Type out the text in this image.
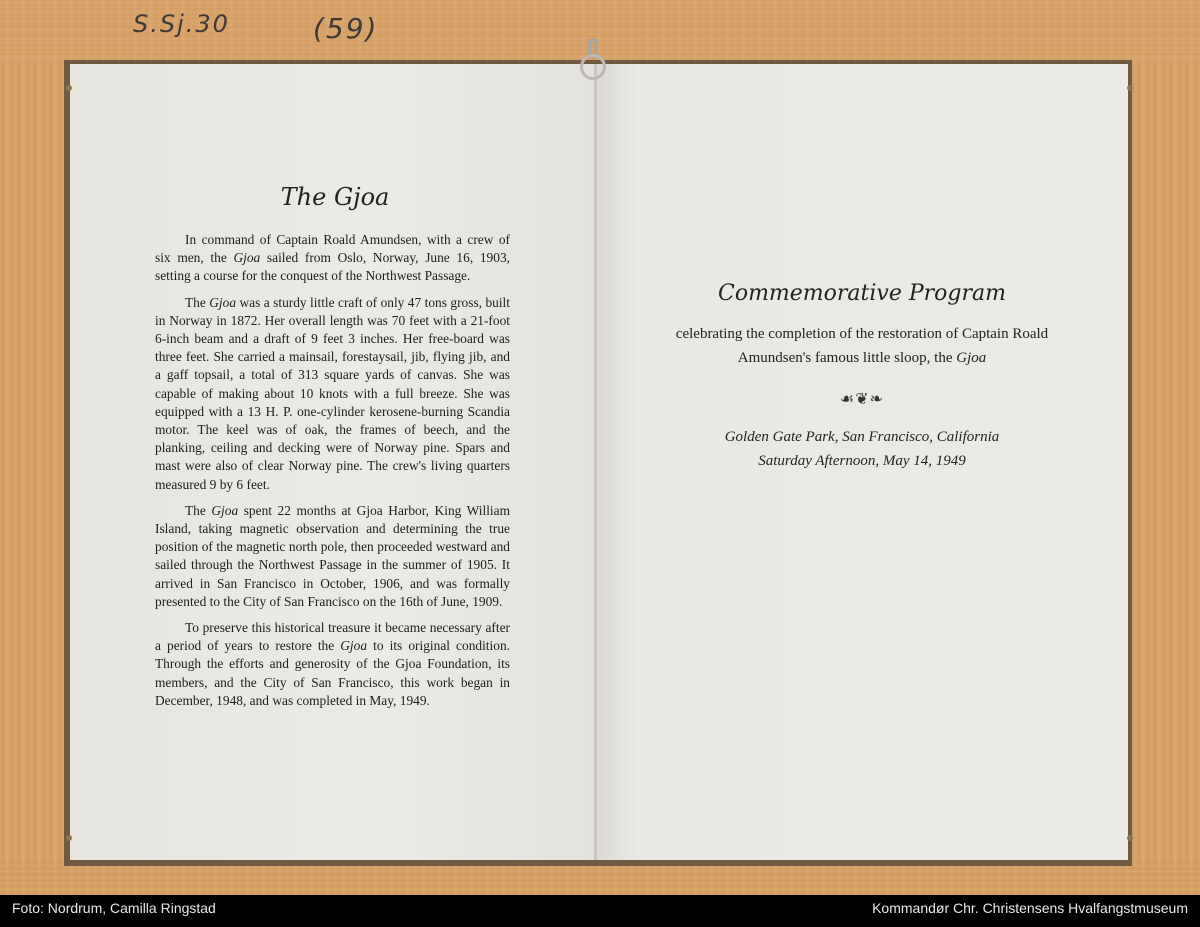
S.Sj.30	(59)
The Gjoa

In command of Captain Roald Amundsen, with a crew of six men, the Gjoa sailed from Oslo, Norway, June 16, 1903, setting a course for the conquest of the Northwest Passage.

The Gjoa was a sturdy little craft of only 47 tons gross, built in Norway in 1872. Her overall length was 70 feet with a 21-foot 6-inch beam and a draft of 9 feet 3 inches. Her free-board was three feet. She carried a mainsail, forestaysail, jib, flying jib, and a gaff topsail, a total of 313 square yards of canvas. She was capable of making about 10 knots with a full breeze. She was equipped with a 13 H. P. one-cylinder kerosene-burning Scandia motor. The keel was of oak, the frames of beech, and the planking, ceiling and decking were of Norway pine. Spars and mast were also of clear Norway pine. The crew's living quarters measured 9 by 6 feet.

The Gjoa spent 22 months at Gjoa Harbor, King William Island, taking magnetic observation and determining the true position of the magnetic north pole, then proceeded westward and sailed through the Northwest Passage in the summer of 1905. It arrived in San Francisco in October, 1906, and was formally presented to the City of San Francisco on the 16th of June, 1909.

To preserve this historical treasure it became necessary after a period of years to restore the Gjoa to its original condition. Through the efforts and generosity of the Gjoa Foundation, its members, and the City of San Francisco, this work began in December, 1948, and was completed in May, 1949.

Commemorative Program
celebrating the completion of the restoration of Captain Roald Amundsen's famous little sloop, the Gjoa
☙❦❧
Golden Gate Park, San Francisco, California
Saturday Afternoon, May 14, 1949
Foto: Nordrum, Camilla Ringstad	Kommandør Chr. Christensens Hvalfangstmuseum
